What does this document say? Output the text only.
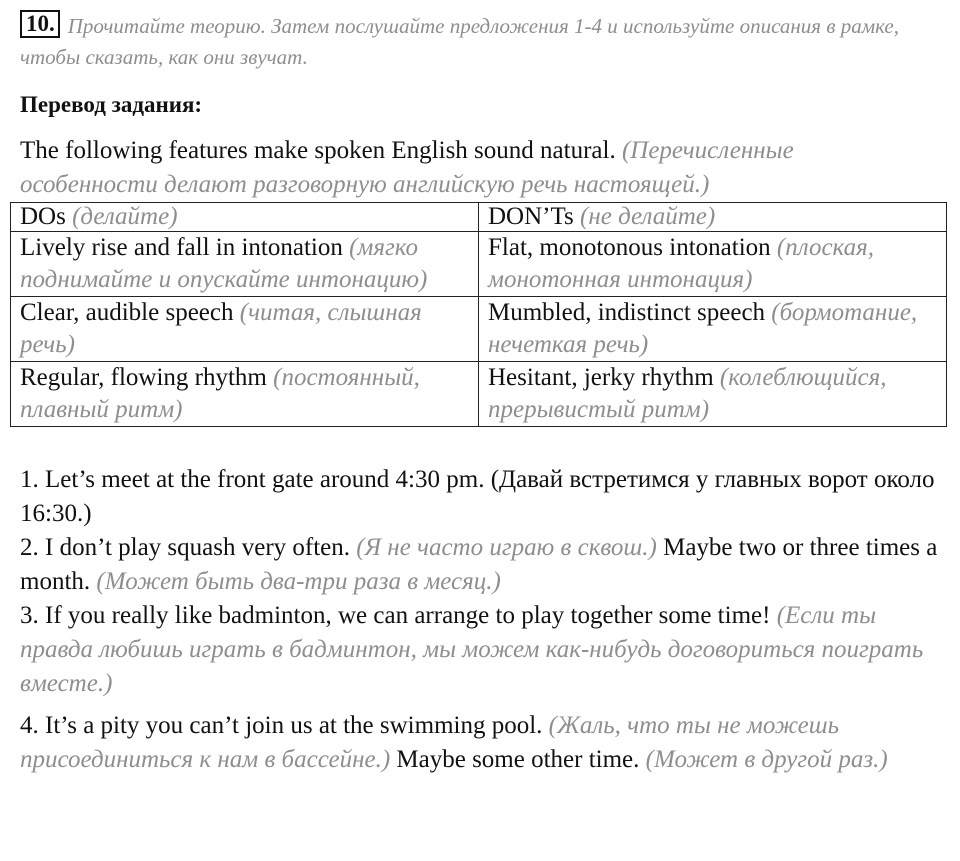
10. Прочитайте теорию. Затем послушайте предложения 1-4 и используйте описания в рамке, чтобы сказать, как они звучат.
Перевод задания:
The following features make spoken English sound natural. (Перечисленные особенности делают разговорную английскую речь настоящей.)
DOs (делайте)	DON’Ts (не делайте)
Lively rise and fall in intonation (мягко поднимайте и опускайте интонацию)	Flat, monotonous intonation (плоская, монотонная интонация)
Clear, audible speech (читая, слышная речь)	Mumbled, indistinct speech (бормотание, нечеткая речь)
Regular, flowing rhythm (постоянный, плавный ритм)	Hesitant, jerky rhythm (колеблющийся, прерывистый ритм)
1. Let’s meet at the front gate around 4:30 pm. (Давай встретимся у главных ворот около 16:30.)
2. I don’t play squash very often. (Я не часто играю в сквош.) Maybe two or three times a month. (Может быть два-три раза в месяц.)
3. If you really like badminton, we can arrange to play together some time! (Если ты правда любишь играть в бадминтон, мы можем как-нибудь договориться поиграть вместе.)
4. It’s a pity you can’t join us at the swimming pool. (Жаль, что ты не можешь присоединиться к нам в бассейне.) Maybe some other time. (Может в другой раз.)
